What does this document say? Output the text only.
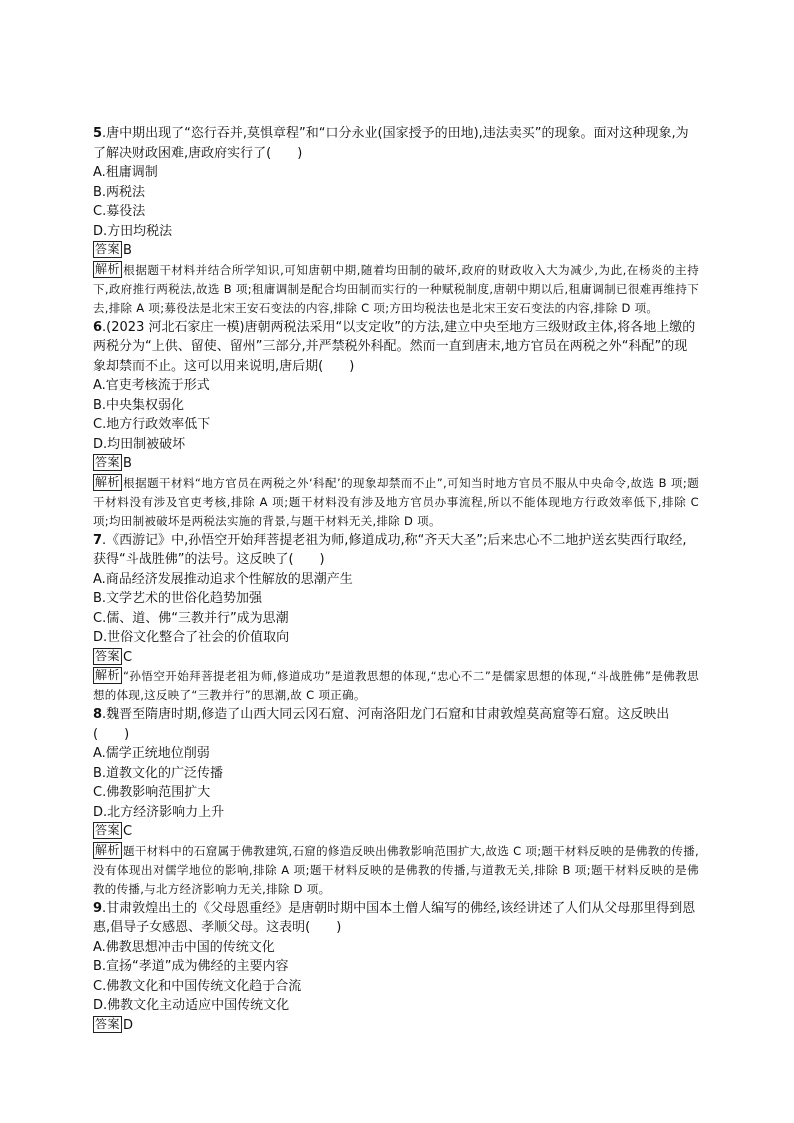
5.唐中期出现了“恣行吞并,莫惧章程”和“口分永业(国家授予的田地),违法卖买”的现象。面对这种现象,为了解决财政困难,唐政府实行了(　　)

A.租庸调制

B.两税法

C.募役法

D.方田均税法

答案 B

解析 根据题干材料并结合所学知识,可知唐朝中期,随着均田制的破坏,政府的财政收入大为减少,为此,在杨炎的主持下,政府推行两税法,故选 B 项;租庸调制是配合均田制而实行的一种赋税制度,唐朝中期以后,租庸调制已很难再维持下去,排除 A 项;募役法是北宋王安石变法的内容,排除 C 项;方田均税法也是北宋王安石变法的内容,排除 D 项。

6.(2023 河北石家庄一模)唐朝两税法采用“以支定收”的方法,建立中央至地方三级财政主体,将各地上缴的两税分为“上供、留使、留州”三部分,并严禁税外科配。然而一直到唐末,地方官员在两税之外“科配”的现象却禁而不止。这可以用来说明,唐后期(　　)

A.官吏考核流于形式

B.中央集权弱化

C.地方行政效率低下

D.均田制被破坏

答案 B

解析 根据题干材料“地方官员在两税之外‘科配’的现象却禁而不止”,可知当时地方官员不服从中央命令,故选 B 项;题干材料没有涉及官吏考核,排除 A 项;题干材料没有涉及地方官员办事流程,所以不能体现地方行政效率低下,排除 C 项;均田制被破坏是两税法实施的背景,与题干材料无关,排除 D 项。

7.《西游记》中,孙悟空开始拜菩提老祖为师,修道成功,称“齐天大圣”;后来忠心不二地护送玄奘西行取经,获得“斗战胜佛”的法号。这反映了(　　)

A.商品经济发展推动追求个性解放的思潮产生

B.文学艺术的世俗化趋势加强

C.儒、道、佛“三教并行”成为思潮

D.世俗文化整合了社会的价值取向

答案 C

解析 “孙悟空开始拜菩提老祖为师,修道成功”是道教思想的体现,“忠心不二”是儒家思想的体现,“斗战胜佛”是佛教思想的体现,这反映了“三教并行”的思潮,故 C 项正确。

8.魏晋至隋唐时期,修造了山西大同云冈石窟、河南洛阳龙门石窟和甘肃敦煌莫高窟等石窟。这反映出(　　)

A.儒学正统地位削弱

B.道教文化的广泛传播

C.佛教影响范围扩大

D.北方经济影响力上升

答案 C

解析 题干材料中的石窟属于佛教建筑,石窟的修造反映出佛教影响范围扩大,故选 C 项;题干材料反映的是佛教的传播,没有体现出对儒学地位的影响,排除 A 项;题干材料反映的是佛教的传播,与道教无关,排除 B 项;题干材料反映的是佛教的传播,与北方经济影响力无关,排除 D 项。

9.甘肃敦煌出土的《父母恩重经》是唐朝时期中国本土僧人编写的佛经,该经讲述了人们从父母那里得到恩惠,倡导子女感恩、孝顺父母。这表明(　　)

A.佛教思想冲击中国的传统文化

B.宣扬“孝道”成为佛经的主要内容

C.佛教文化和中国传统文化趋于合流

D.佛教文化主动适应中国传统文化

答案 D
